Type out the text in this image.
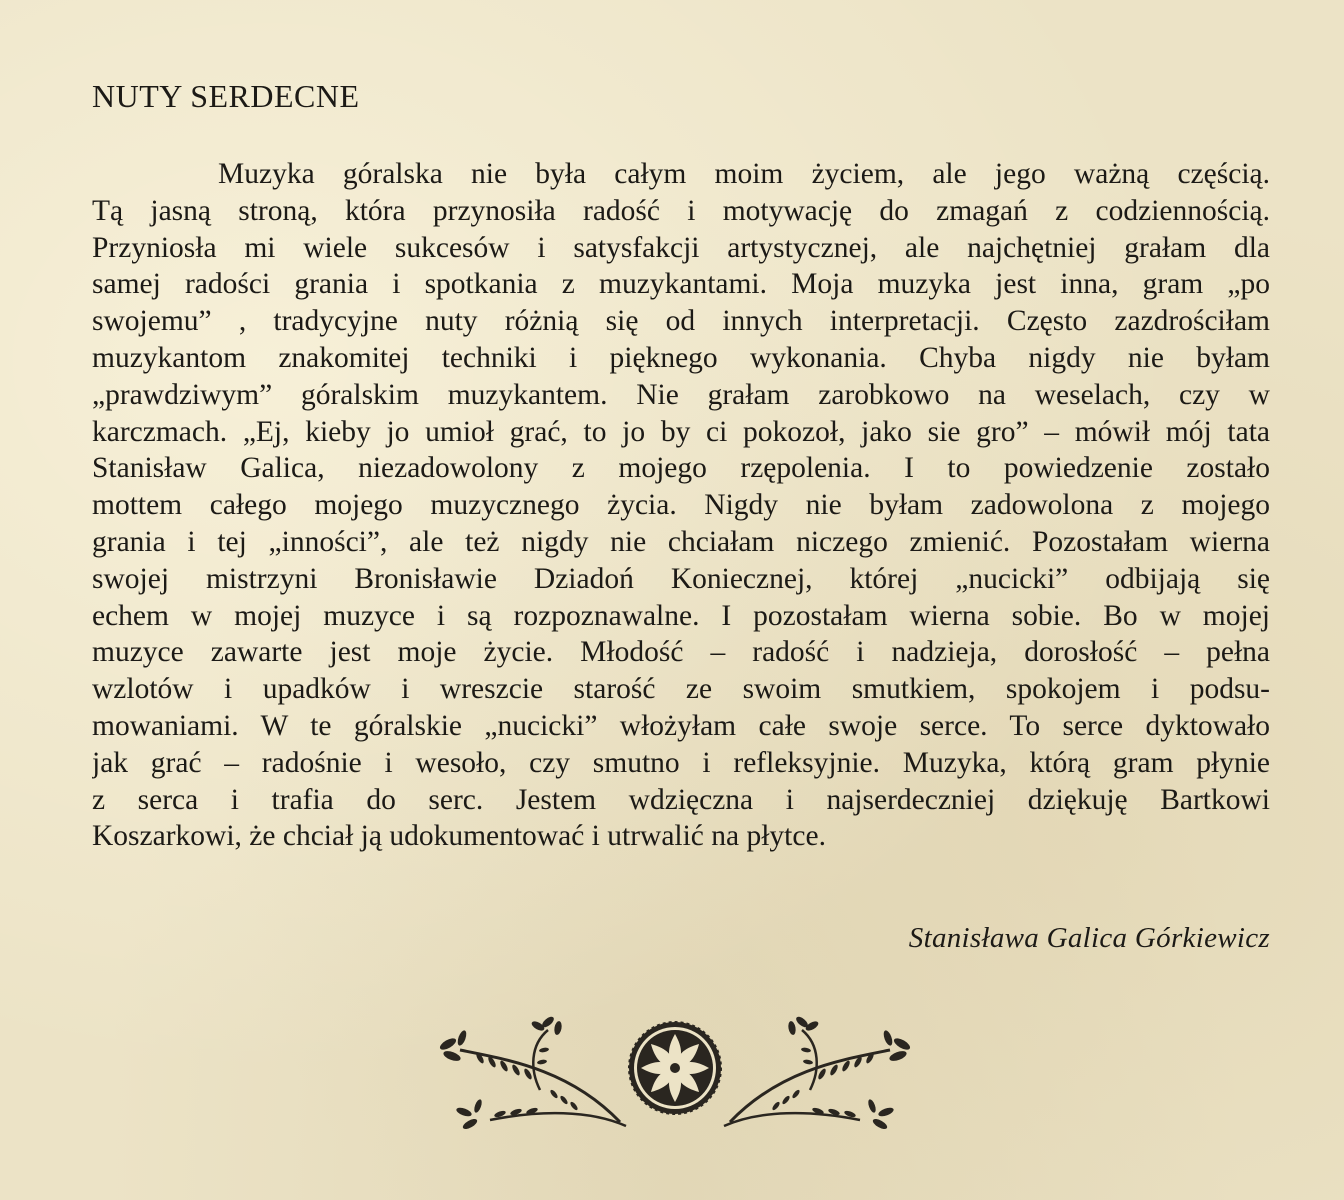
NUTY SERDECNE
Muzyka góralska nie była całym moim życiem, ale jego ważną częścią.
Tą jasną stroną, która przynosiła radość i motywację do zmagań z codziennością.
Przyniosła mi wiele sukcesów i satysfakcji artystycznej, ale najchętniej grałam dla
samej radości grania i spotkania z muzykantami. Moja muzyka jest inna, gram „po
swojemu” , tradycyjne nuty różnią się od innych interpretacji. Często zazdrościłam
muzykantom znakomitej techniki i pięknego wykonania. Chyba nigdy nie byłam
„prawdziwym” góralskim muzykantem. Nie grałam zarobkowo na weselach, czy w
karczmach. „Ej, kieby jo umioł grać, to jo by ci pokozoł, jako sie gro” – mówił mój tata
Stanisław Galica, niezadowolony z mojego rzępolenia. I to powiedzenie zostało
mottem całego mojego muzycznego życia. Nigdy nie byłam zadowolona z mojego
grania i tej „inności”, ale też nigdy nie chciałam niczego zmienić. Pozostałam wierna
swojej mistrzyni Bronisławie Dziadoń Koniecznej, której „nucicki” odbijają się
echem w mojej muzyce i są rozpoznawalne. I pozostałam wierna sobie. Bo w mojej
muzyce zawarte jest moje życie. Młodość – radość i nadzieja, dorosłość – pełna
wzlotów i upadków i wreszcie starość ze swoim smutkiem, spokojem i podsu-
mowaniami. W te góralskie „nucicki” włożyłam całe swoje serce. To serce dyktowało
jak grać – radośnie i wesoło, czy smutno i refleksyjnie. Muzyka, którą gram płynie
z serca i trafia do serc. Jestem wdzięczna i najserdeczniej dziękuję Bartkowi
Koszarkowi, że chciał ją udokumentować i utrwalić na płytce.
Stanisława Galica Górkiewicz
